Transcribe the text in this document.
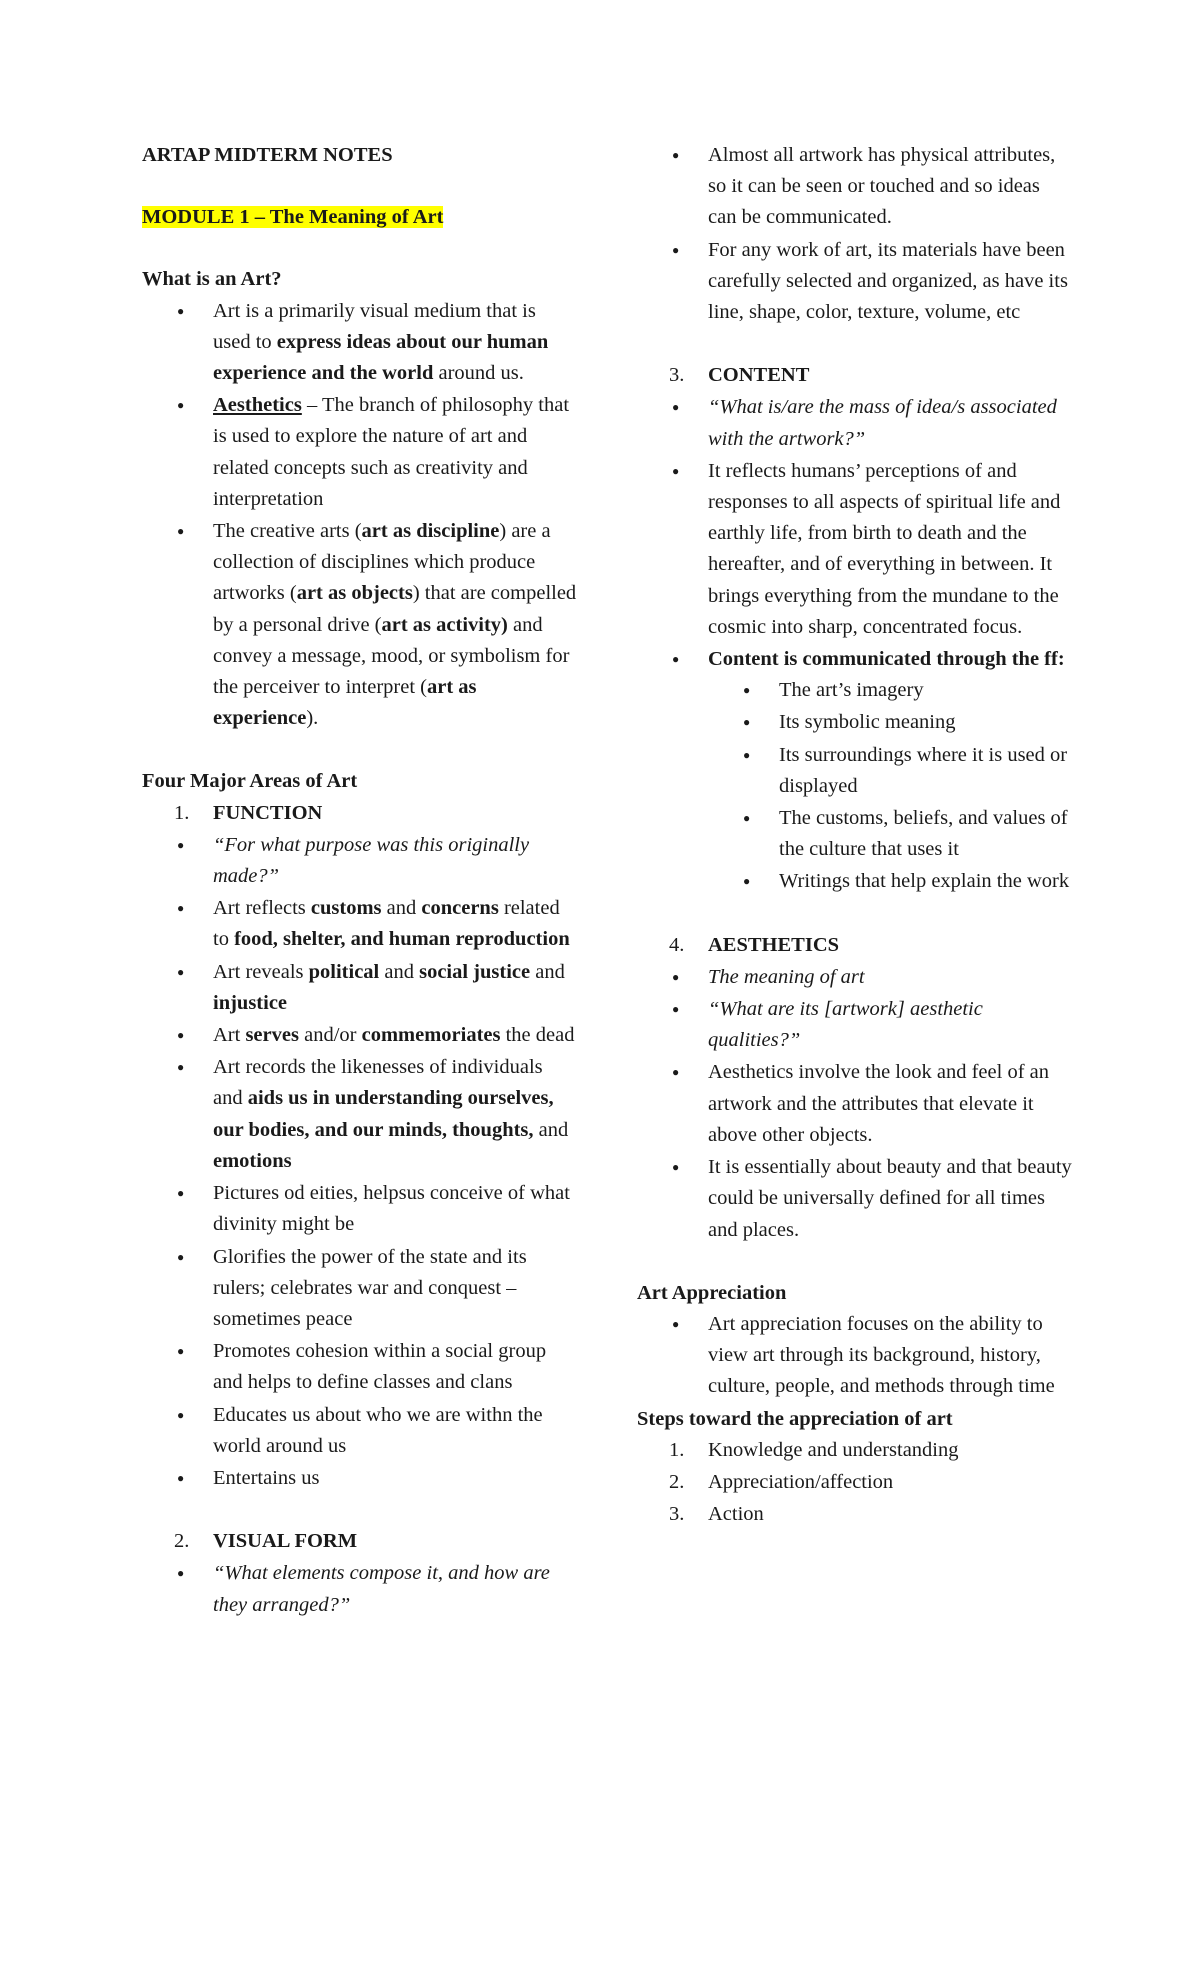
ARTAP MIDTERM NOTES

MODULE 1 – The Meaning of Art
What is an Art?
● Art is a primarily visual medium that is used to express ideas about our human experience and the world around us.
● Aesthetics – The branch of philosophy that is used to explore the nature of art and related concepts such as creativity and interpretation
● The creative arts (art as discipline) are a collection of disciplines which produce artworks (art as objects) that are compelled by a personal drive (art as activity) and convey a message, mood, or symbolism for the perceiver to interpret (art as experience).
Four Major Areas of Art
1. FUNCTION
● “For what purpose was this originally made?”
● Art reflects customs and concerns related to food, shelter, and human reproduction
● Art reveals political and social justice and injustice
● Art serves and/or commemoriates the dead
● Art records the likenesses of individuals and aids us in understanding ourselves, our bodies, and our minds, thoughts, and emotions
● Pictures od eities, helpsus conceive of what divinity might be
● Glorifies the power of the state and its rulers; celebrates war and conquest – sometimes peace
● Promotes cohesion within a social group and helps to define classes and clans
● Educates us about who we are withn the world around us
● Entertains us
2. VISUAL FORM
● “What elements compose it, and how are they arranged?”
● Almost all artwork has physical attributes, so it can be seen or touched and so ideas can be communicated.
● For any work of art, its materials have been carefully selected and organized, as have its line, shape, color, texture, volume, etc
3. CONTENT
● “What is/are the mass of idea/s associated with the artwork?”
● It reflects humans’ perceptions of and responses to all aspects of spiritual life and earthly life, from birth to death and the hereafter, and of everything in between. It brings everything from the mundane to the cosmic into sharp, concentrated focus.
● Content is communicated through the ff:
● The art’s imagery
● Its symbolic meaning
● Its surroundings where it is used or displayed
● The customs, beliefs, and values of the culture that uses it
● Writings that help explain the work
4. AESTHETICS
● The meaning of art
● “What are its [artwork] aesthetic qualities?”
● Aesthetics involve the look and feel of an artwork and the attributes that elevate it above other objects.
● It is essentially about beauty and that beauty could be universally defined for all times and places.
Art Appreciation
● Art appreciation focuses on the ability to view art through its background, history, culture, people, and methods through time
Steps toward the appreciation of art
1. Knowledge and understanding
2. Appreciation/affection
3. Action
